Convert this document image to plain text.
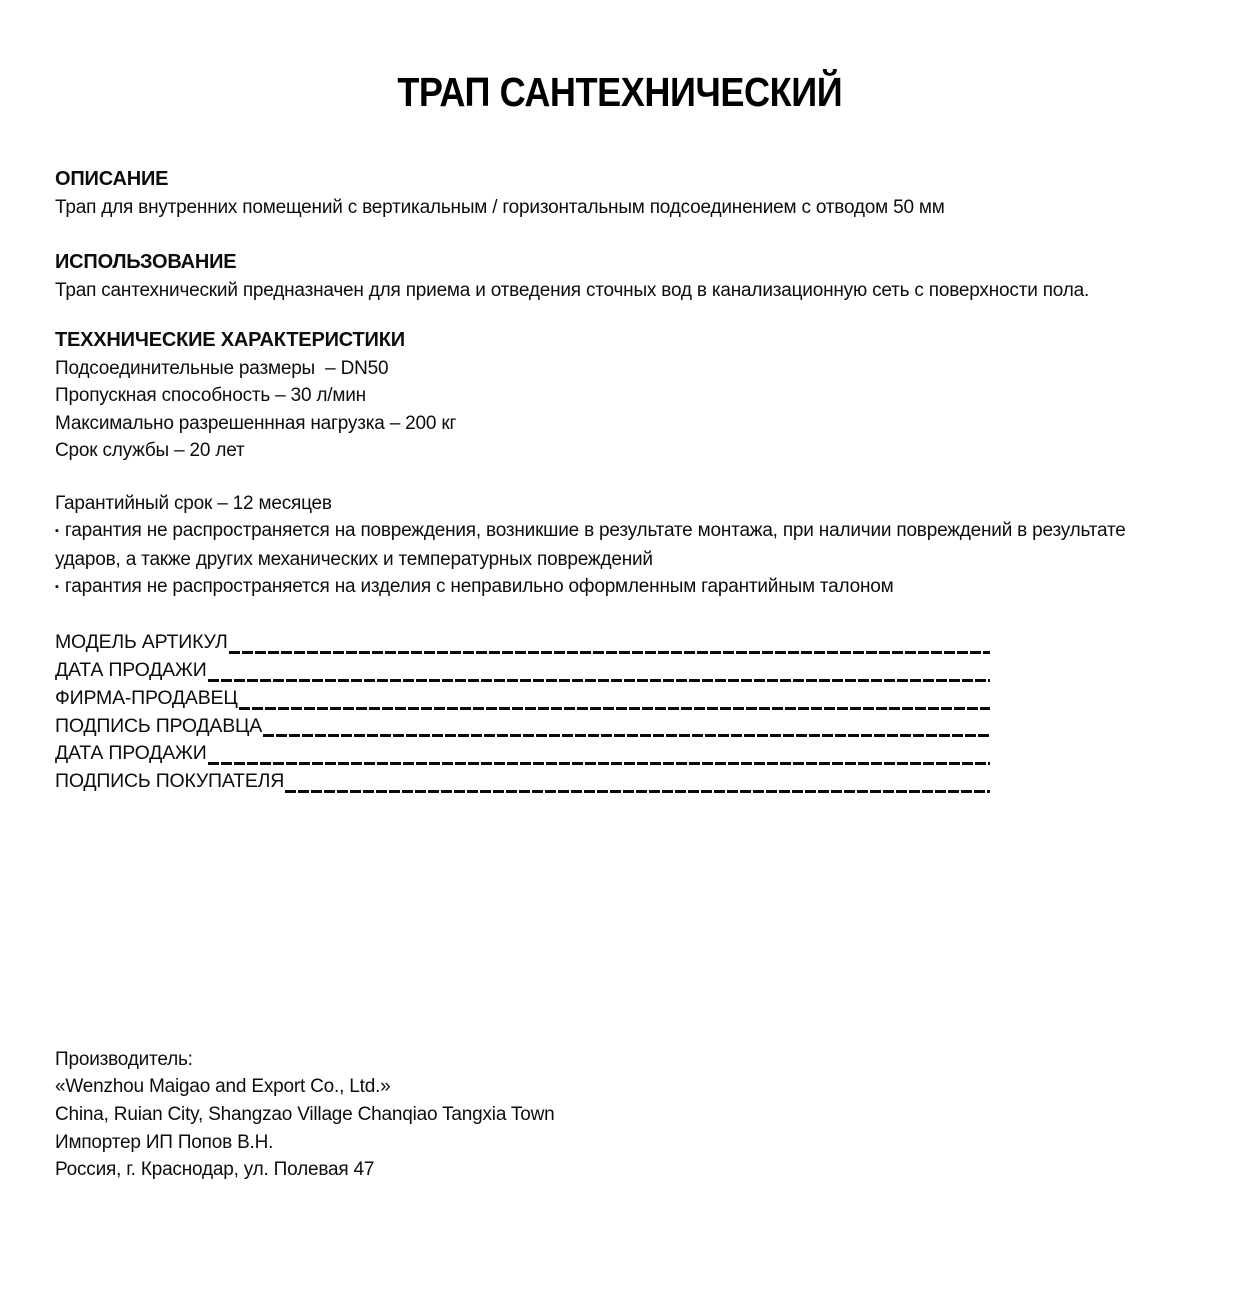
ТРАП САНТЕХНИЧЕСКИЙ
ОПИСАНИЕ
Трап для внутренних помещений с вертикальным / горизонтальным подсоединением с отводом 50 мм
ИСПОЛЬЗОВАНИЕ
Трап сантехнический предназначен для приема и отведения сточных вод в канализационную сеть с поверхности пола.
ТЕХХНИЧЕСКИЕ ХАРАКТЕРИСТИКИ
Подсоединительные размеры  – DN50
Пропускная способность – 30 л/мин
Максимально разрешеннная нагрузка – 200 кг
Срок службы – 20 лет
Гарантийный срок – 12 месяцев

▪ гарантия не распространяется на повреждения, возникшие в результате монтажа, при наличии повреждений в результате ударов, а также других механических и температурных повреждений

▪ гарантия не распространяется на изделия с неправильно оформленным гарантийным талоном

МОДЕЛЬ АРТИКУЛ
ДАТА ПРОДАЖИ
ФИРМА-ПРОДАВЕЦ
ПОДПИСЬ ПРОДАВЦА
ДАТА ПРОДАЖИ
ПОДПИСЬ ПОКУПАТЕЛЯ
Производитель:
«Wenzhou Maigao and Export Co., Ltd.»
China, Ruian City, Shangzao Village Chanqiao Tangxia Town
Импортер ИП Попов В.Н.
Россия, г. Краснодар, ул. Полевая 47
